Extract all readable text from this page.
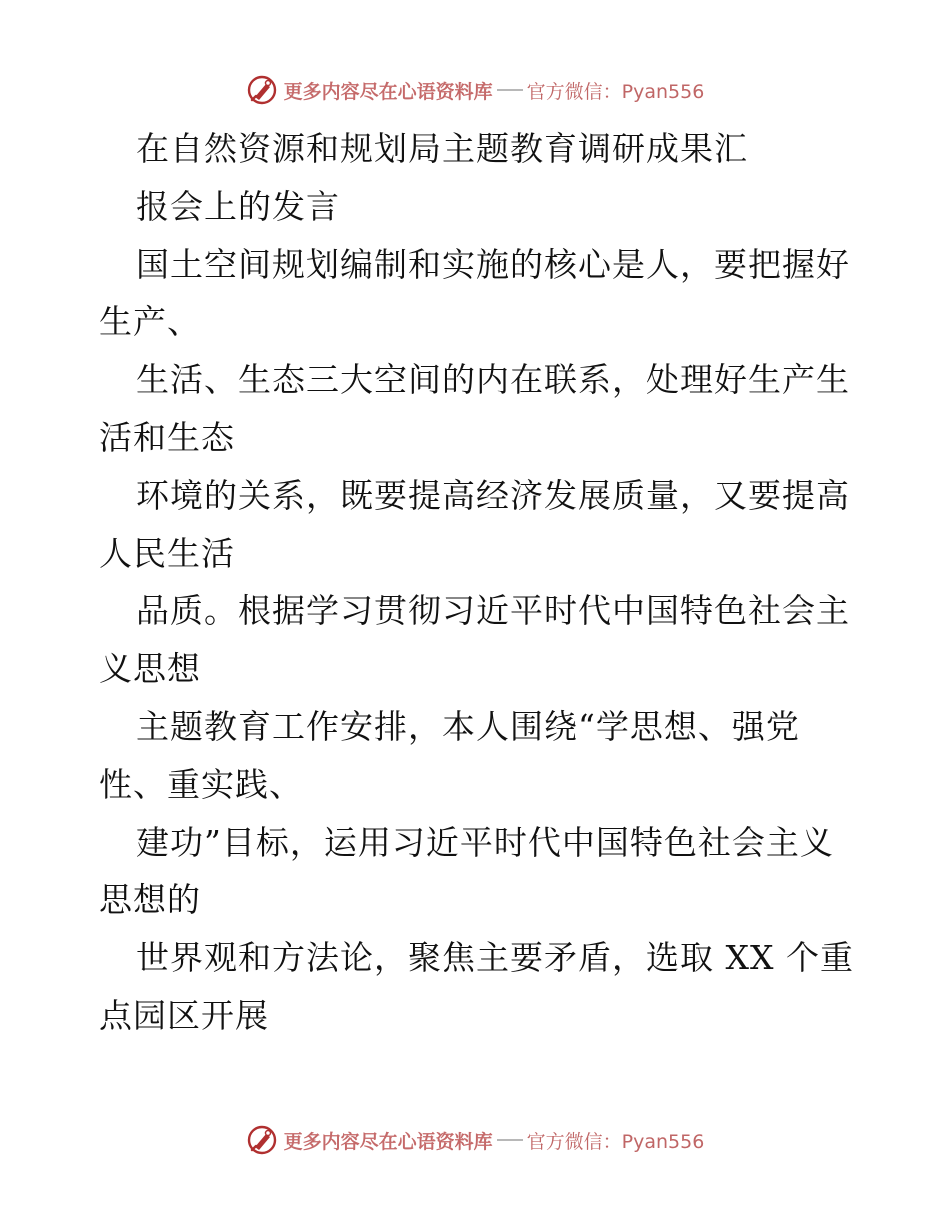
更多内容尽在心语资料库 官方微信：Pyan556
在自然资源和规划局主题教育调研成果汇
报会上的发言
国土空间规划编制和实施的核心是人，要把握好
生产、
生活、生态三大空间的内在联系，处理好生产生
活和生态
环境的关系，既要提高经济发展质量，又要提高
人民生活
品质。根据学习贯彻习近平时代中国特色社会主
义思想
主题教育工作安排，本人围绕“学思想、强党
性、重实践、
建功”目标，运用习近平时代中国特色社会主义
思想的
世界观和方法论，聚焦主要矛盾，选取 XX 个重
点园区开展
更多内容尽在心语资料库 官方微信：Pyan556
